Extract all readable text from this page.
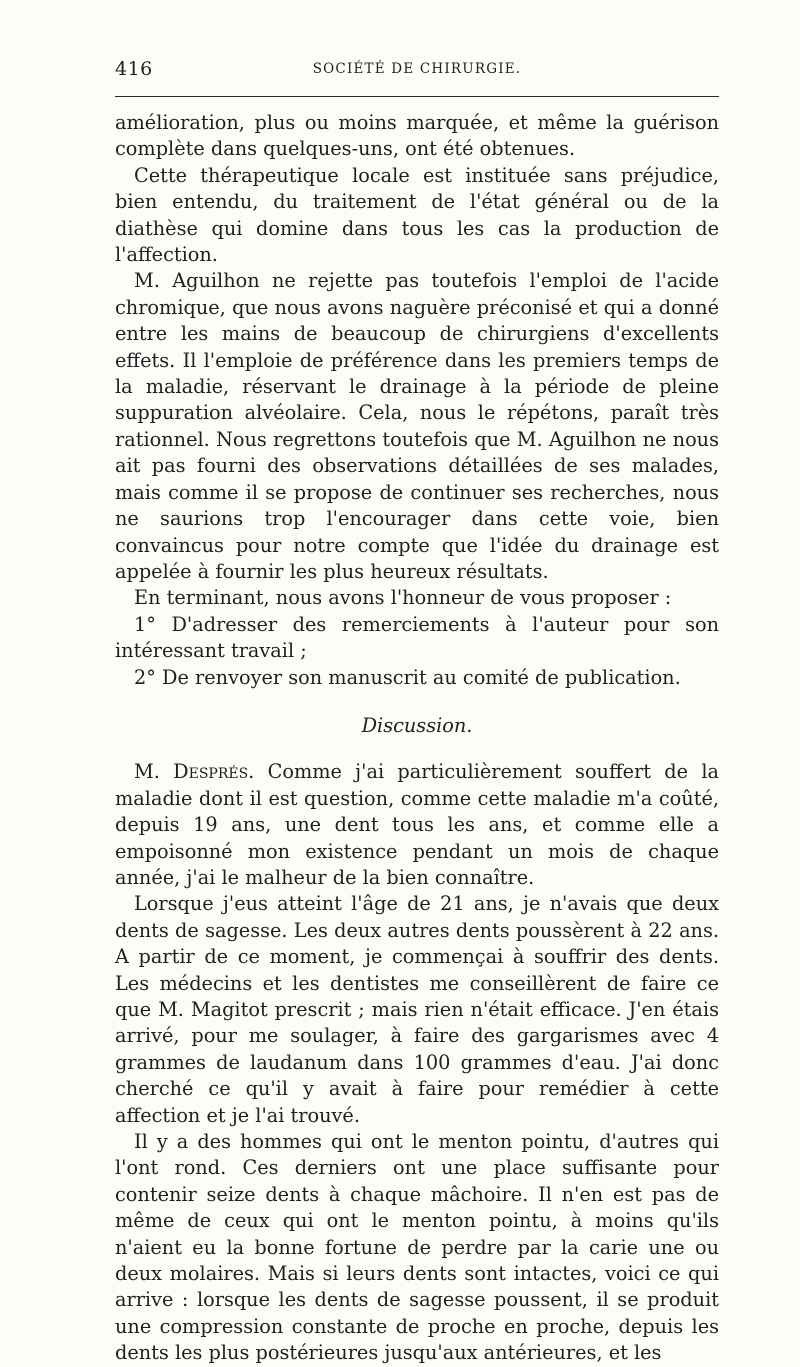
416	SOCIÉTÉ DE CHIRURGIE.

amélioration, plus ou moins marquée, et même la guérison complète dans quelques-uns, ont été obtenues.

Cette thérapeutique locale est instituée sans préjudice, bien entendu, du traitement de l'état général ou de la diathèse qui domine dans tous les cas la production de l'affection.

M. Aguilhon ne rejette pas toutefois l'emploi de l'acide chromique, que nous avons naguère préconisé et qui a donné entre les mains de beaucoup de chirurgiens d'excellents effets. Il l'emploie de préférence dans les premiers temps de la maladie, réservant le drainage à la période de pleine suppuration alvéolaire. Cela, nous le répétons, paraît très rationnel. Nous regrettons toutefois que M. Aguilhon ne nous ait pas fourni des observations détaillées de ses malades, mais comme il se propose de continuer ses recherches, nous ne saurions trop l'encourager dans cette voie, bien convaincus pour notre compte que l'idée du drainage est appelée à fournir les plus heureux résultats.

En terminant, nous avons l'honneur de vous proposer :

1° D'adresser des remerciements à l'auteur pour son intéressant travail ;

2° De renvoyer son manuscrit au comité de publication.

Discussion.

M. Després. Comme j'ai particulièrement souffert de la maladie dont il est question, comme cette maladie m'a coûté, depuis 19 ans, une dent tous les ans, et comme elle a empoisonné mon existence pendant un mois de chaque année, j'ai le malheur de la bien connaître.

Lorsque j'eus atteint l'âge de 21 ans, je n'avais que deux dents de sagesse. Les deux autres dents poussèrent à 22 ans. A partir de ce moment, je commençai à souffrir des dents. Les médecins et les dentistes me conseillèrent de faire ce que M. Magitot prescrit ; mais rien n'était efficace. J'en étais arrivé, pour me soulager, à faire des gargarismes avec 4 grammes de laudanum dans 100 grammes d'eau. J'ai donc cherché ce qu'il y avait à faire pour remédier à cette affection et je l'ai trouvé.

Il y a des hommes qui ont le menton pointu, d'autres qui l'ont rond. Ces derniers ont une place suffisante pour contenir seize dents à chaque mâchoire. Il n'en est pas de même de ceux qui ont le menton pointu, à moins qu'ils n'aient eu la bonne fortune de perdre par la carie une ou deux molaires. Mais si leurs dents sont intactes, voici ce qui arrive : lorsque les dents de sagesse poussent, il se produit une compression constante de proche en proche, depuis les dents les plus postérieures jusqu'aux antérieures, et les
